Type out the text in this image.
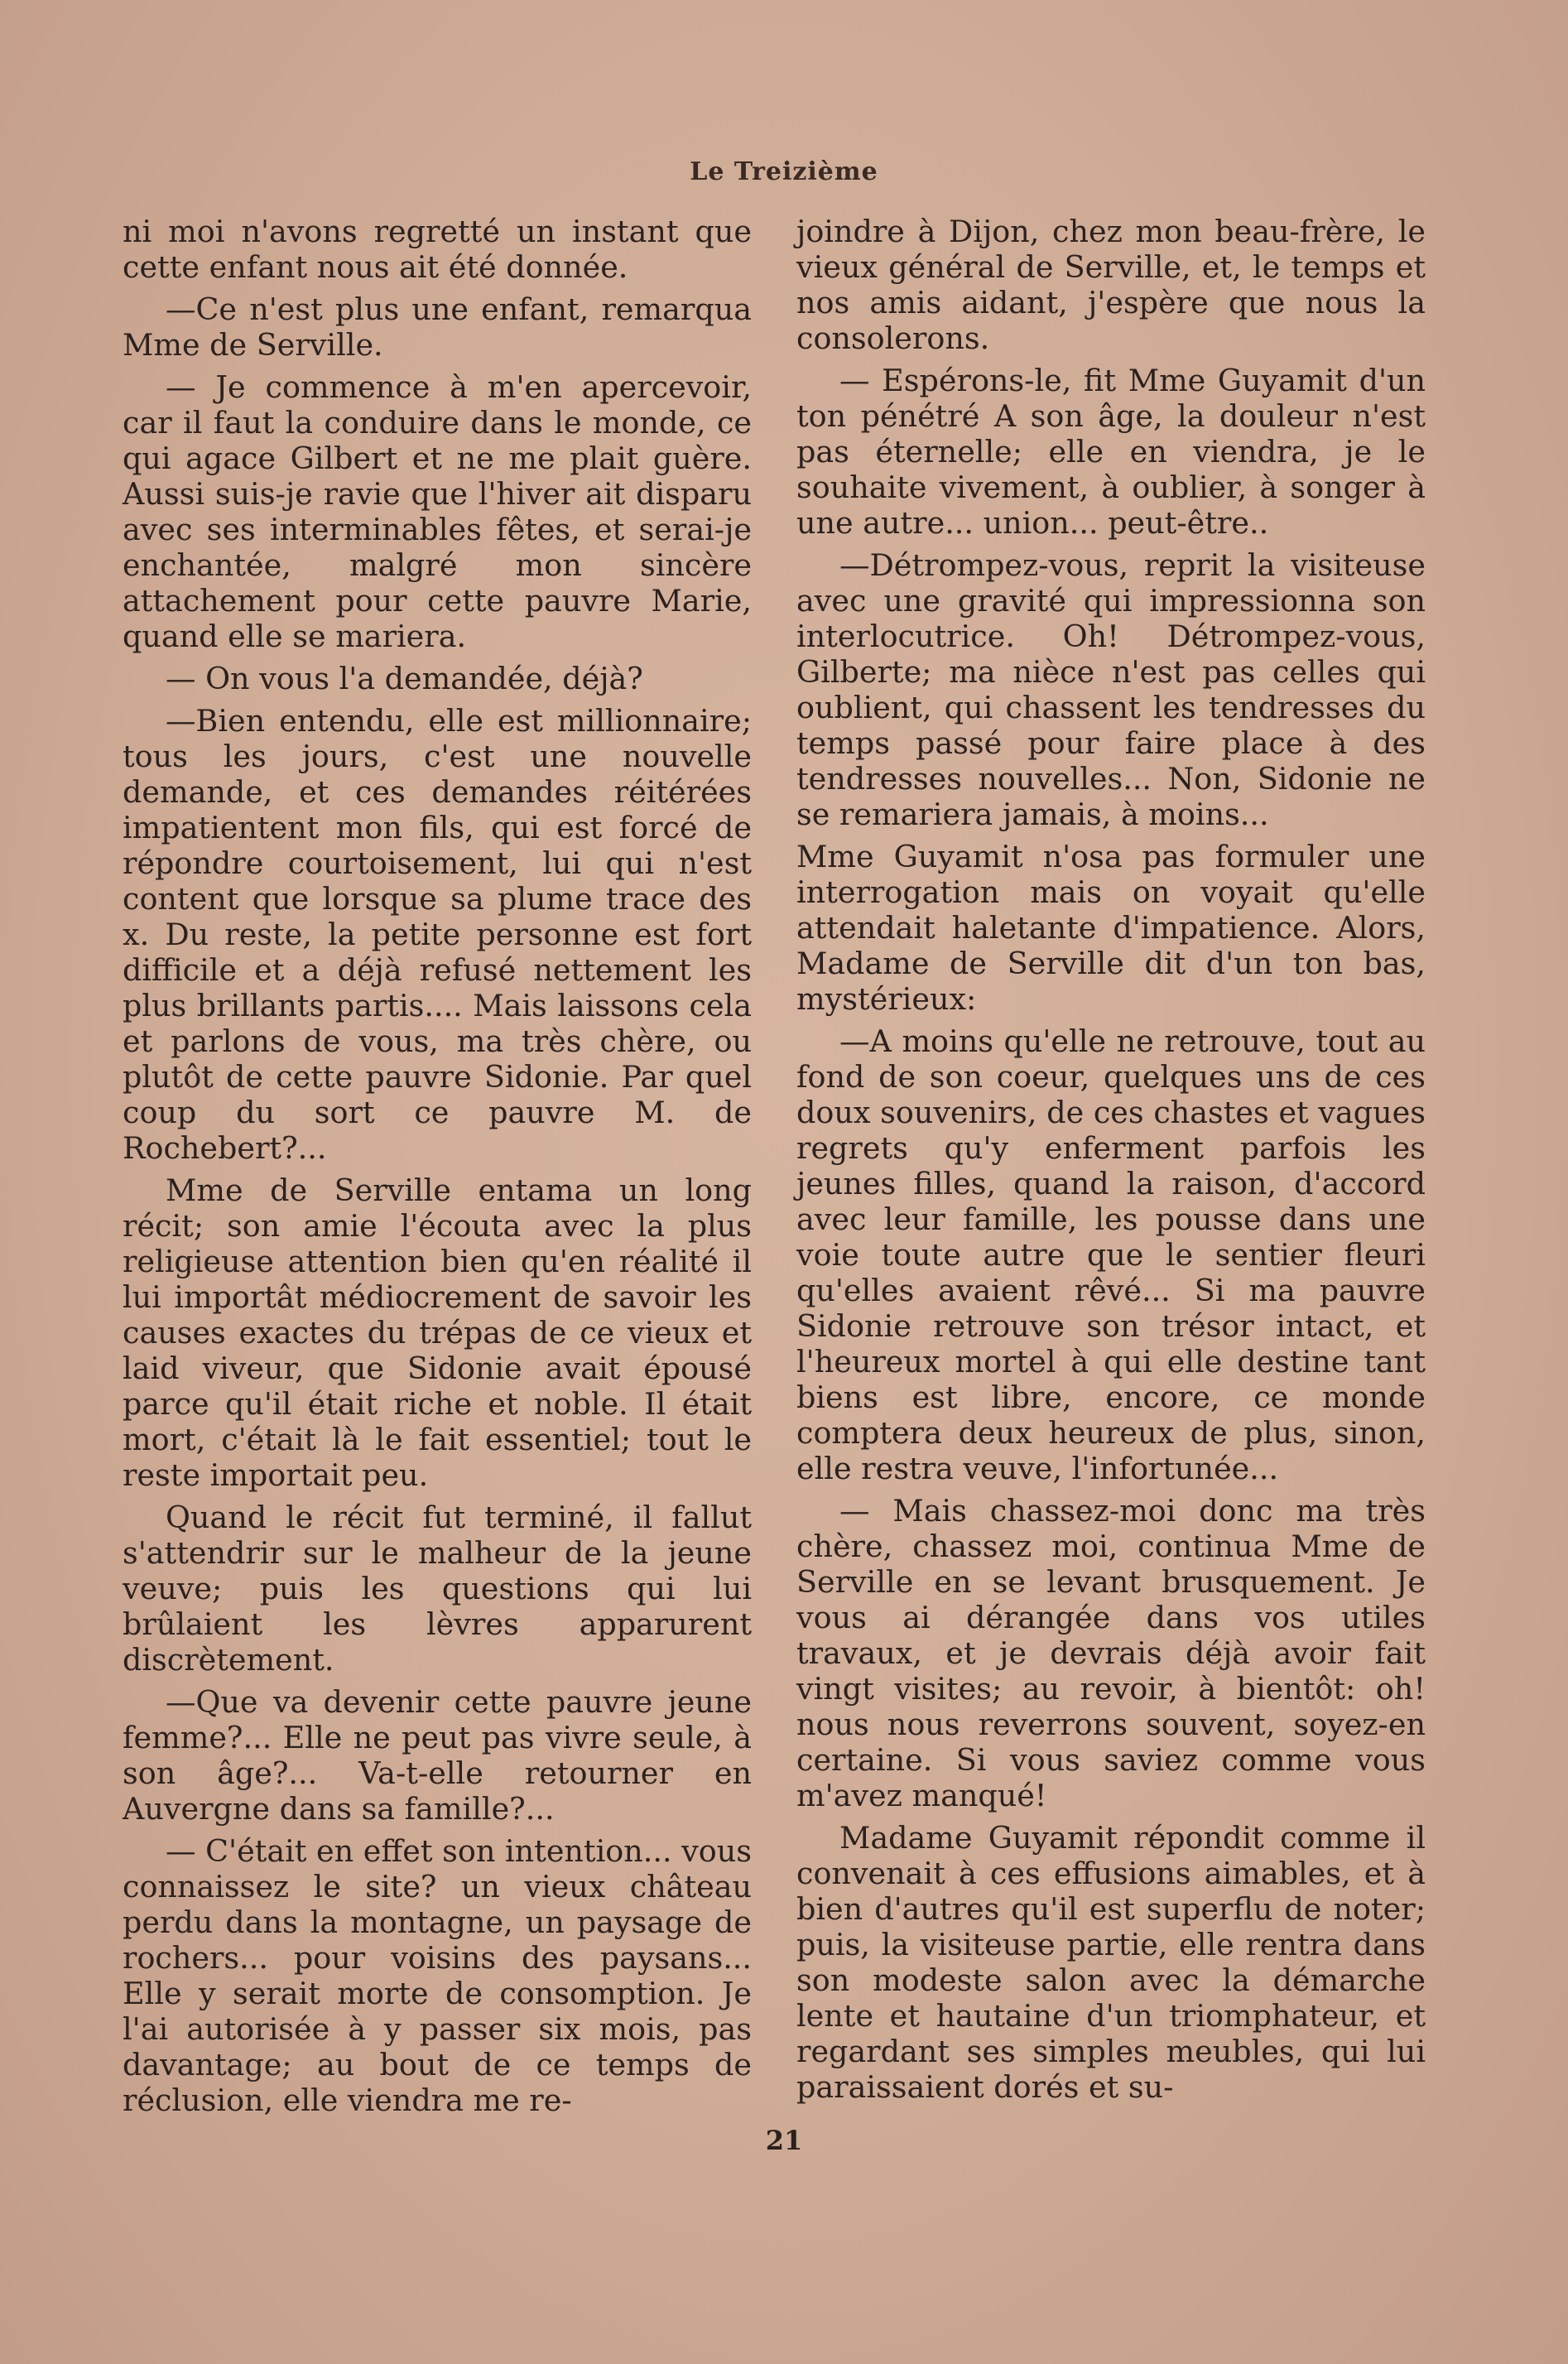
Le Treizième

ni moi n'avons regretté un instant que cette enfant nous ait été donnée.

—Ce n'est plus une enfant, remarqua Mme de Serville.

— Je commence à m'en apercevoir, car il faut la conduire dans le monde, ce qui agace Gilbert et ne me plait guère. Aussi suis-je ravie que l'hiver ait disparu avec ses interminables fêtes, et serai-je enchantée, malgré mon sincère attachement pour cette pauvre Marie, quand elle se mariera.

— On vous l'a demandée, déjà?

—Bien entendu, elle est millionnaire; tous les jours, c'est une nouvelle demande, et ces demandes réitérées impatientent mon fils, qui est forcé de répondre courtoisement, lui qui n'est content que lorsque sa plume trace des x. Du reste, la petite personne est fort difficile et a déjà refusé nettement les plus brillants partis.... Mais laissons cela et parlons de vous, ma très chère, ou plutôt de cette pauvre Sidonie. Par quel coup du sort ce pauvre M. de Rochebert?...

Mme de Serville entama un long récit; son amie l'écouta avec la plus religieuse attention bien qu'en réalité il lui importât médiocrement de savoir les causes exactes du trépas de ce vieux et laid viveur, que Sidonie avait épousé parce qu'il était riche et noble. Il était mort, c'était là le fait essentiel; tout le reste importait peu.

Quand le récit fut terminé, il fallut s'attendrir sur le malheur de la jeune veuve; puis les questions qui lui brûlaient les lèvres apparurent discrètement.

—Que va devenir cette pauvre jeune femme?... Elle ne peut pas vivre seule, à son âge?... Va-t-elle retourner en Auvergne dans sa famille?...

— C'était en effet son intention... vous connaissez le site? un vieux château perdu dans la montagne, un paysage de rochers... pour voisins des paysans... Elle y serait morte de consomption. Je l'ai autorisée à y passer six mois, pas davantage; au bout de ce temps de réclusion, elle viendra me re-

joindre à Dijon, chez mon beau-frère, le vieux général de Serville, et, le temps et nos amis aidant, j'espère que nous la consolerons.

— Espérons-le, fit Mme Guyamit d'un ton pénétré A son âge, la douleur n'est pas éternelle; elle en viendra, je le souhaite vivement, à oublier, à songer à une autre... union... peut-être..

—Détrompez-vous, reprit la visiteuse avec une gravité qui impressionna son interlocutrice. Oh! Détrompez-vous, Gilberte; ma nièce n'est pas celles qui oublient, qui chassent les tendresses du temps passé pour faire place à des tendresses nouvelles... Non, Sidonie ne se remariera jamais, à moins...

Mme Guyamit n'osa pas formuler une interrogation mais on voyait qu'elle attendait haletante d'impatience. Alors, Madame de Serville dit d'un ton bas, mystérieux:

—A moins qu'elle ne retrouve, tout au fond de son coeur, quelques uns de ces doux souvenirs, de ces chastes et vagues regrets qu'y enferment parfois les jeunes filles, quand la raison, d'accord avec leur famille, les pousse dans une voie toute autre que le sentier fleuri qu'elles avaient rêvé... Si ma pauvre Sidonie retrouve son trésor intact, et l'heureux mortel à qui elle destine tant biens est libre, encore, ce monde comptera deux heureux de plus, sinon, elle restra veuve, l'infortunée...

— Mais chassez-moi donc ma très chère, chassez moi, continua Mme de Serville en se levant brusquement. Je vous ai dérangée dans vos utiles travaux, et je devrais déjà avoir fait vingt visites; au revoir, à bientôt: oh! nous nous reverrons souvent, soyez-en certaine. Si vous saviez comme vous m'avez manqué!

Madame Guyamit répondit comme il convenait à ces effusions aimables, et à bien d'autres qu'il est superflu de noter; puis, la visiteuse partie, elle rentra dans son modeste salon avec la démarche lente et hautaine d'un triomphateur, et regardant ses simples meubles, qui lui paraissaient dorés et su-

21
